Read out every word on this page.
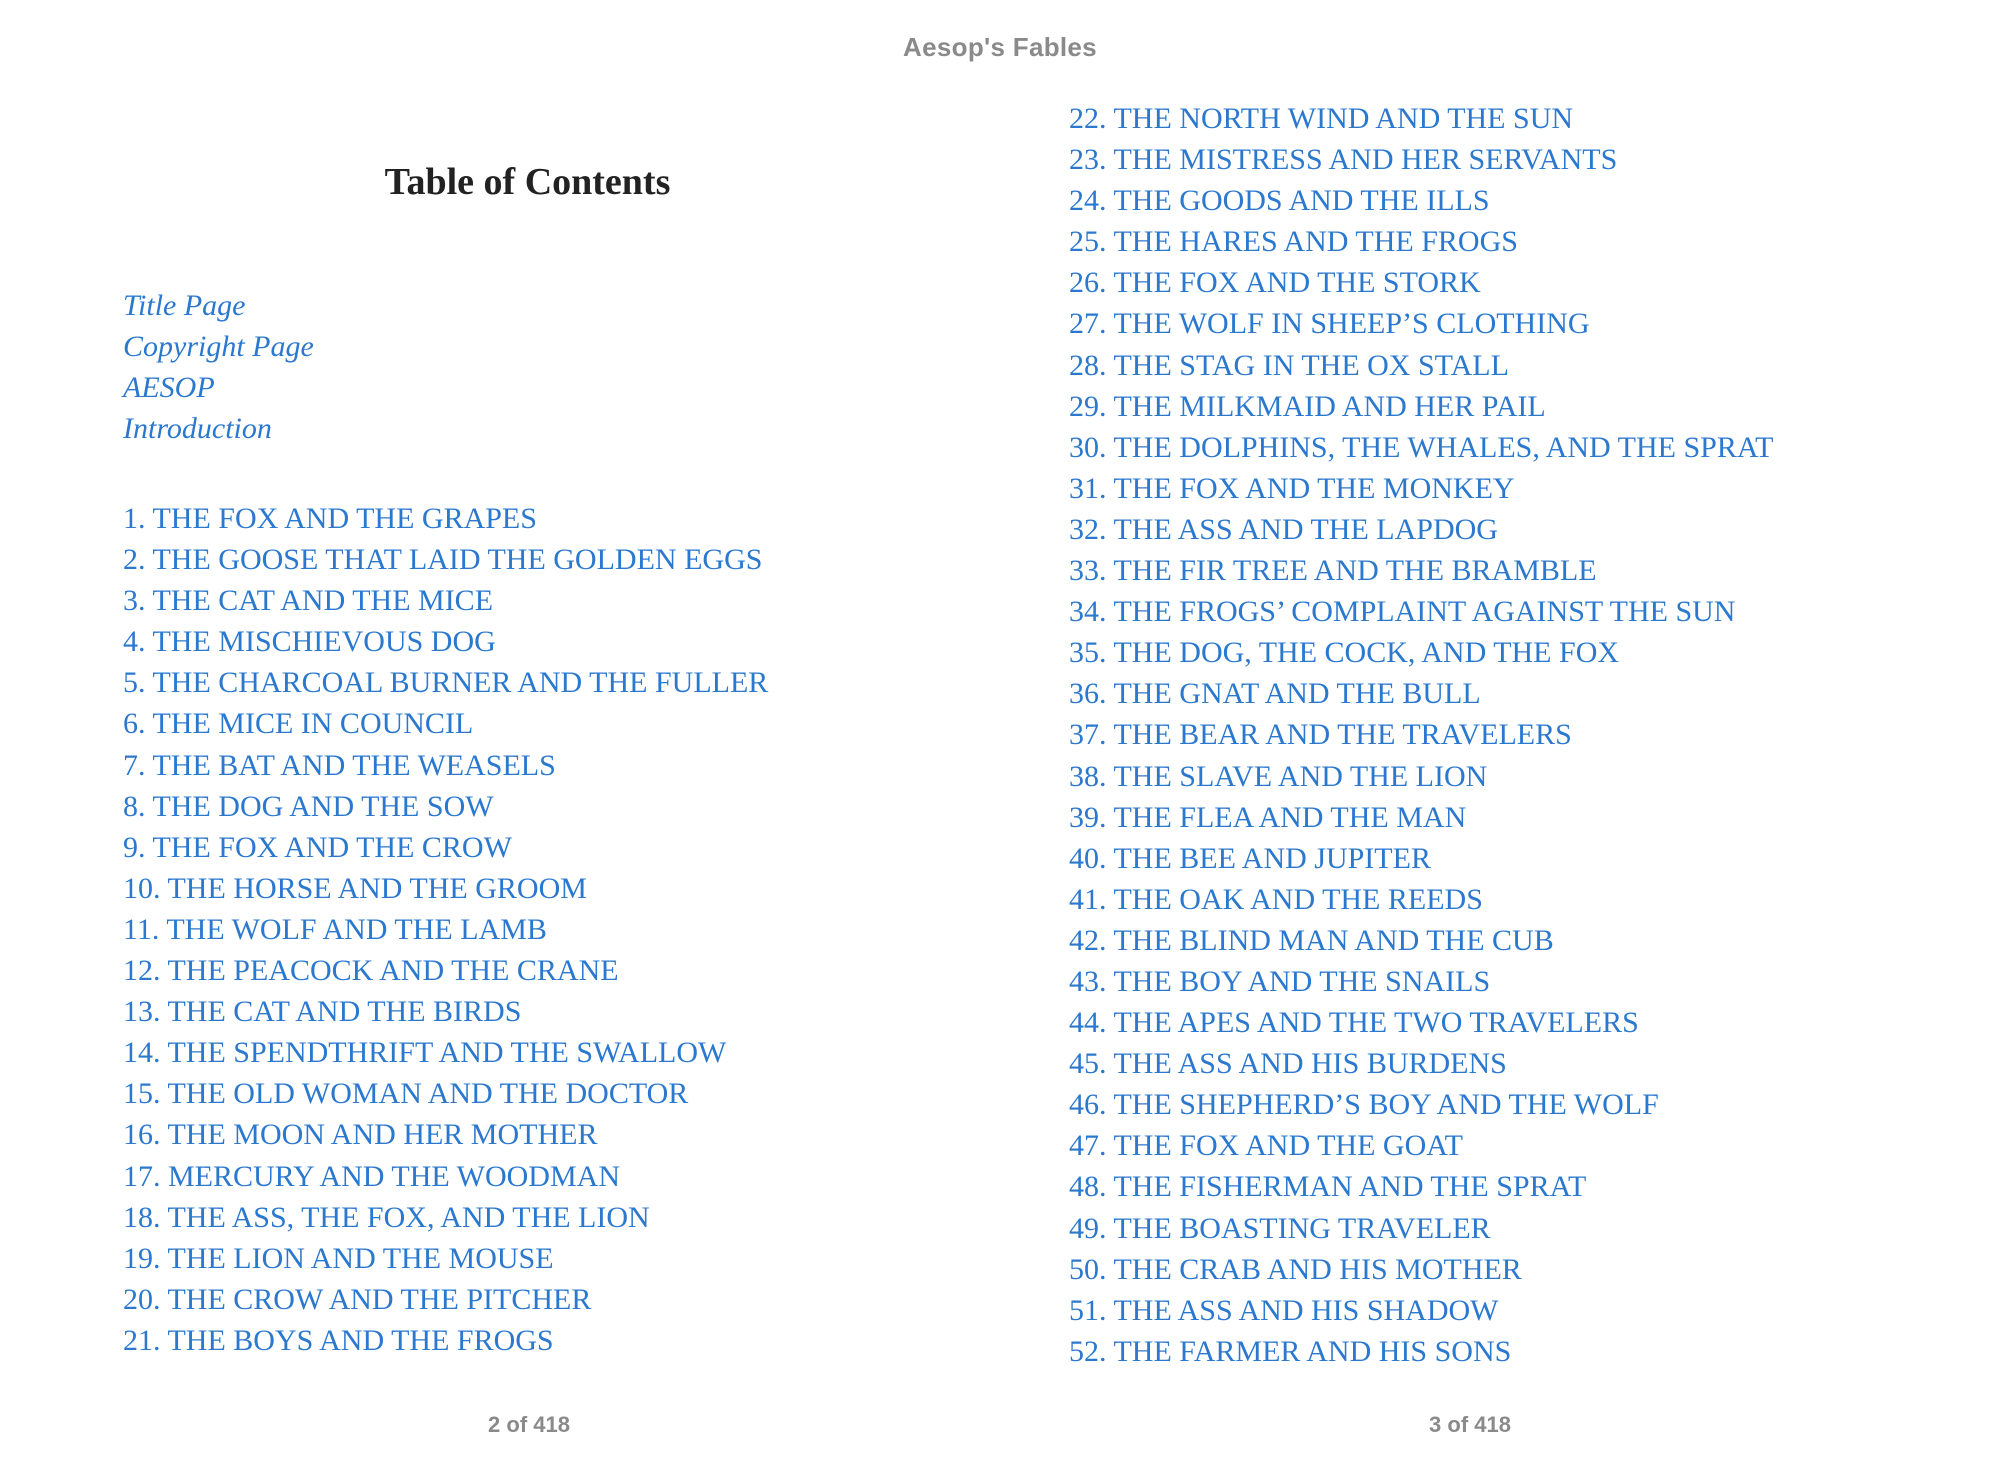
Aesop's Fables
Table of Contents
Title Page
Copyright Page
AESOP
Introduction
1. THE FOX AND THE GRAPES
2. THE GOOSE THAT LAID THE GOLDEN EGGS
3. THE CAT AND THE MICE
4. THE MISCHIEVOUS DOG
5. THE CHARCOAL BURNER AND THE FULLER
6. THE MICE IN COUNCIL
7. THE BAT AND THE WEASELS
8. THE DOG AND THE SOW
9. THE FOX AND THE CROW
10. THE HORSE AND THE GROOM
11. THE WOLF AND THE LAMB
12. THE PEACOCK AND THE CRANE
13. THE CAT AND THE BIRDS
14. THE SPENDTHRIFT AND THE SWALLOW
15. THE OLD WOMAN AND THE DOCTOR
16. THE MOON AND HER MOTHER
17. MERCURY AND THE WOODMAN
18. THE ASS, THE FOX, AND THE LION
19. THE LION AND THE MOUSE
20. THE CROW AND THE PITCHER
21. THE BOYS AND THE FROGS
22. THE NORTH WIND AND THE SUN
23. THE MISTRESS AND HER SERVANTS
24. THE GOODS AND THE ILLS
25. THE HARES AND THE FROGS
26. THE FOX AND THE STORK
27. THE WOLF IN SHEEP’S CLOTHING
28. THE STAG IN THE OX STALL
29. THE MILKMAID AND HER PAIL
30. THE DOLPHINS, THE WHALES, AND THE SPRAT
31. THE FOX AND THE MONKEY
32. THE ASS AND THE LAPDOG
33. THE FIR TREE AND THE BRAMBLE
34. THE FROGS’ COMPLAINT AGAINST THE SUN
35. THE DOG, THE COCK, AND THE FOX
36. THE GNAT AND THE BULL
37. THE BEAR AND THE TRAVELERS
38. THE SLAVE AND THE LION
39. THE FLEA AND THE MAN
40. THE BEE AND JUPITER
41. THE OAK AND THE REEDS
42. THE BLIND MAN AND THE CUB
43. THE BOY AND THE SNAILS
44. THE APES AND THE TWO TRAVELERS
45. THE ASS AND HIS BURDENS
46. THE SHEPHERD’S BOY AND THE WOLF
47. THE FOX AND THE GOAT
48. THE FISHERMAN AND THE SPRAT
49. THE BOASTING TRAVELER
50. THE CRAB AND HIS MOTHER
51. THE ASS AND HIS SHADOW
52. THE FARMER AND HIS SONS
2 of 418	3 of 418
